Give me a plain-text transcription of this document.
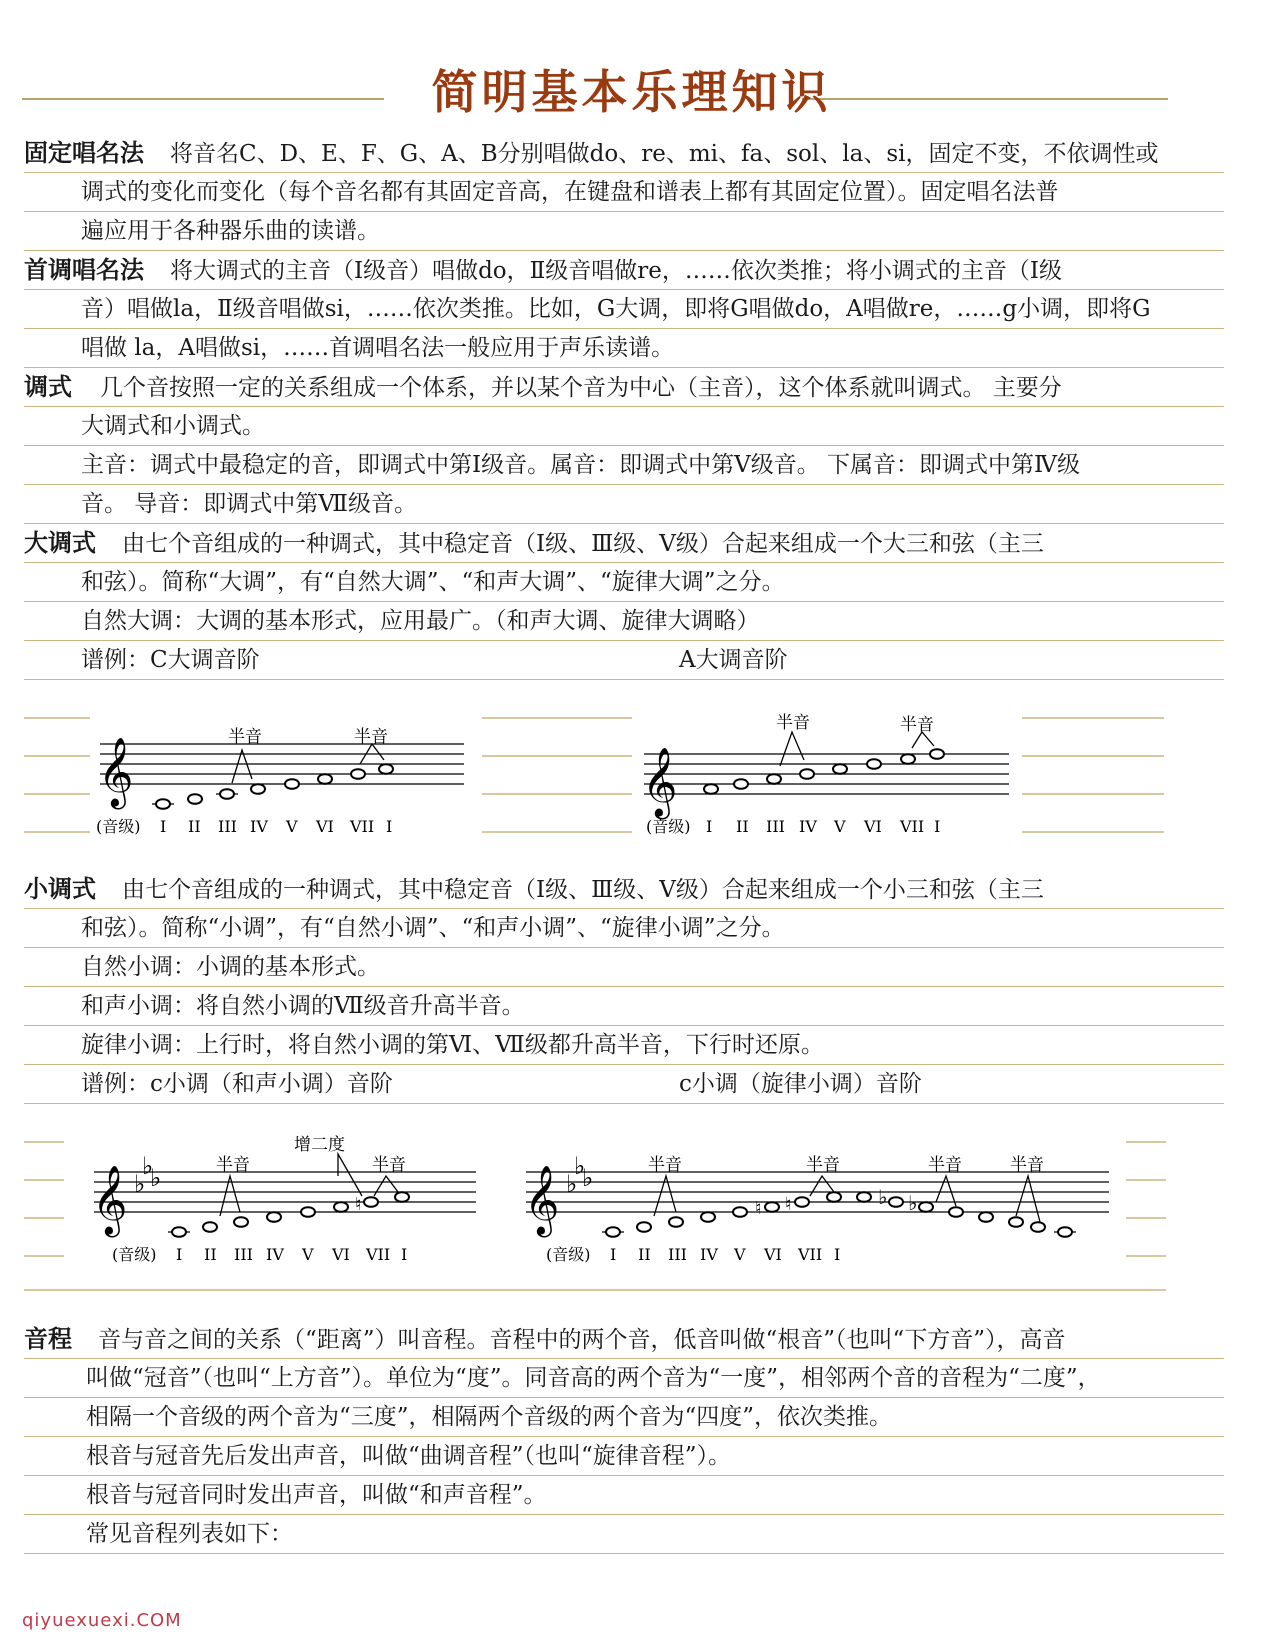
简明基本乐理知识
固定唱名法 将音名C、D、E、F、G、A、B分别唱做do、re、mi、fa、sol、la、si，固定不变，不依调性或
调式的变化而变化（每个音名都有其固定音高，在键盘和谱表上都有其固定位置）。固定唱名法普
遍应用于各种器乐曲的读谱。
首调唱名法 将大调式的主音（Ⅰ级音）唱做do，Ⅱ级音唱做re，……依次类推；将小调式的主音（Ⅰ级
音）唱做la，Ⅱ级音唱做si，……依次类推。比如，G大调，即将G唱做do，A唱做re，……g小调，即将G
唱做 la，A唱做si，……首调唱名法一般应用于声乐读谱。
调式 几个音按照一定的关系组成一个体系，并以某个音为中心（主音），这个体系就叫调式。 主要分
大调式和小调式。
主音：调式中最稳定的音，即调式中第Ⅰ级音。属音：即调式中第Ⅴ级音。 下属音：即调式中第Ⅳ级
音。 导音：即调式中第Ⅶ级音。
大调式 由七个音组成的一种调式，其中稳定音（Ⅰ级、Ⅲ级、Ⅴ级）合起来组成一个大三和弦（主三
和弦）。简称“大调”，有“自然大调”、“和声大调”、“旋律大调”之分。
自然大调：大调的基本形式，应用最广。（和声大调、旋律大调略）
谱例：C大调音阶	A大调音阶
𝄞	半音	半音
(音级) I II III IV V VI VII I
𝄞
半音	半音
(音级) I II III IV V VI VII I
小调式 由七个音组成的一种调式，其中稳定音（Ⅰ级、Ⅲ级、Ⅴ级）合起来组成一个小三和弦（主三
和弦）。简称“小调”，有“自然小调”、“和声小调”、“旋律小调”之分。
自然小调：小调的基本形式。
和声小调：将自然小调的Ⅶ级音升高半音。
旋律小调：上行时，将自然小调的第Ⅵ、Ⅶ级都升高半音，下行时还原。
谱例：c小调（和声小调）音阶	c小调（旋律小调）音阶
𝄞 ♭
♭
♭
♮
半音
增二度
半音
(音级) I II III IV V VI VII I
𝄞 ♭
♭
♭
♮ ♮	♭ ♭
半音	半音	半音	半音
(音级) I II III IV V VI VII I
音程 音与音之间的关系（“距离”）叫音程。音程中的两个音，低音叫做“根音”（也叫“下方音”），高音
叫做“冠音”（也叫“上方音”）。单位为“度”。同音高的两个音为“一度”，相邻两个音的音程为“二度”，
相隔一个音级的两个音为“三度”，相隔两个音级的两个音为“四度”，依次类推。
根音与冠音先后发出声音，叫做“曲调音程”（也叫“旋律音程”）。
根音与冠音同时发出声音，叫做“和声音程”。
常见音程列表如下：
qiyuexuexi.COM
